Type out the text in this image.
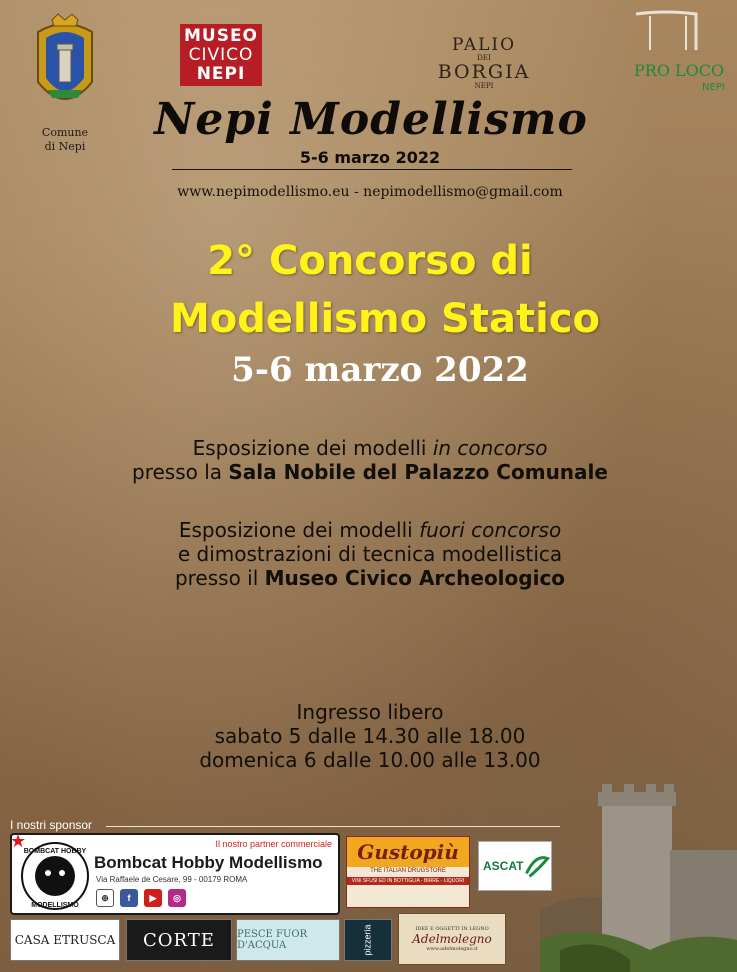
Comune
di Nepi
MUSEO
CIVICO
NEPI
PALIO
DEI
BORGIA
NEPI
PRO LOCO
NEPI
Nepi Modellismo
5-6 marzo 2022
www.nepimodellismo.eu - nepimodellismo@gmail.com
2° Concorso di
Modellismo Statico
5-6 marzo 2022
Esposizione dei modelli in concorso
presso la Sala Nobile del Palazzo Comunale
Esposizione dei modelli fuori concorso
e dimostrazioni di tecnica modellistica
presso il Museo Civico Archeologico
Ingresso libero
sabato 5 dalle 14.30 alle 18.00
domenica 6 dalle 10.00 alle 13.00
I nostri sponsor
★	Il nostro partner commerciale
BOMBCAT HOBBY
MODELLISMO
Bombcat Hobby Modellismo
Via Raffaele de Cesare, 99 - 00179 ROMA
⊕	f	▶	◎
Gustopiù
THE ITALIAN DRUGSTORE
VINI SFUSI ED IN BOTTIGLIA - BIRRE - LIQUORI
ASCAT
CASA ETRUSCA CORTE PESCE FUOR D'ACQUA	pizzeria	IDEE E OGGETTI IN LEGNO
Adelmolegno
www.adelmolegno.it
